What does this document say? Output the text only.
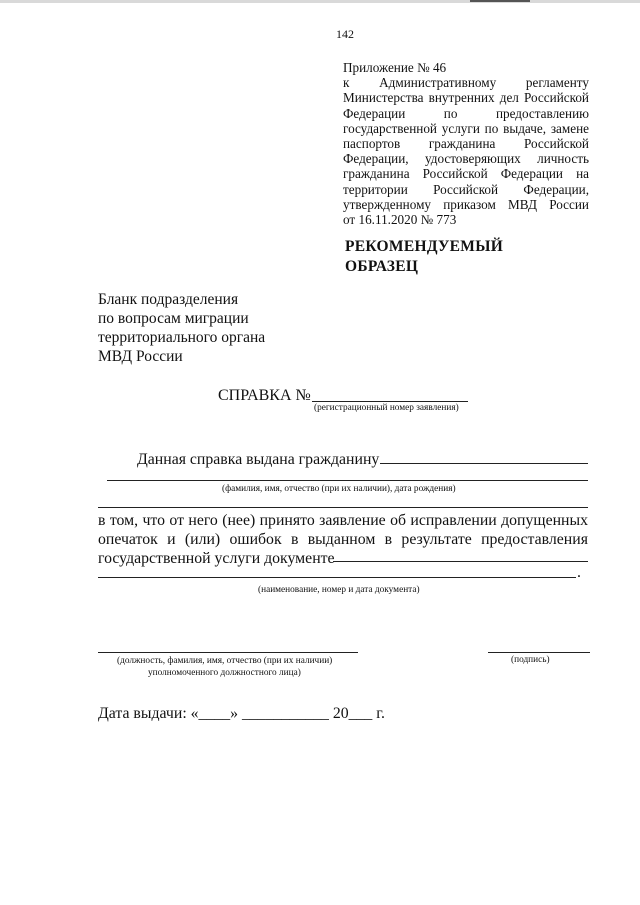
142
Приложение № 46
к Административному регламенту
Министерства внутренних дел Российской
Федерации по предоставлению
государственной услуги по выдаче, замене
паспортов гражданина Российской
Федерации, удостоверяющих личность
гражданина Российской Федерации на
территории Российской Федерации,
утвержденному приказом МВД России
от 16.11.2020 № 773
РЕКОМЕНДУЕМЫЙ
ОБРАЗЕЦ
Бланк подразделения
по вопросам миграции
территориального органа
МВД России
СПРАВКА №
(регистрационный номер заявления)
Данная справка выдана гражданину
(фамилия, имя, отчество (при их наличии), дата рождения)
в том, что от него (нее) принято заявление об исправлении допущенных
опечаток и (или) ошибок в выданном в результате предоставления
государственной услуги документе
.
(наименование, номер и дата документа)
(должность, фамилия, имя, отчество (при их наличии)
уполномоченного должностного лица)
(подпись)
Дата выдачи: «____» ___________ 20___ г.
